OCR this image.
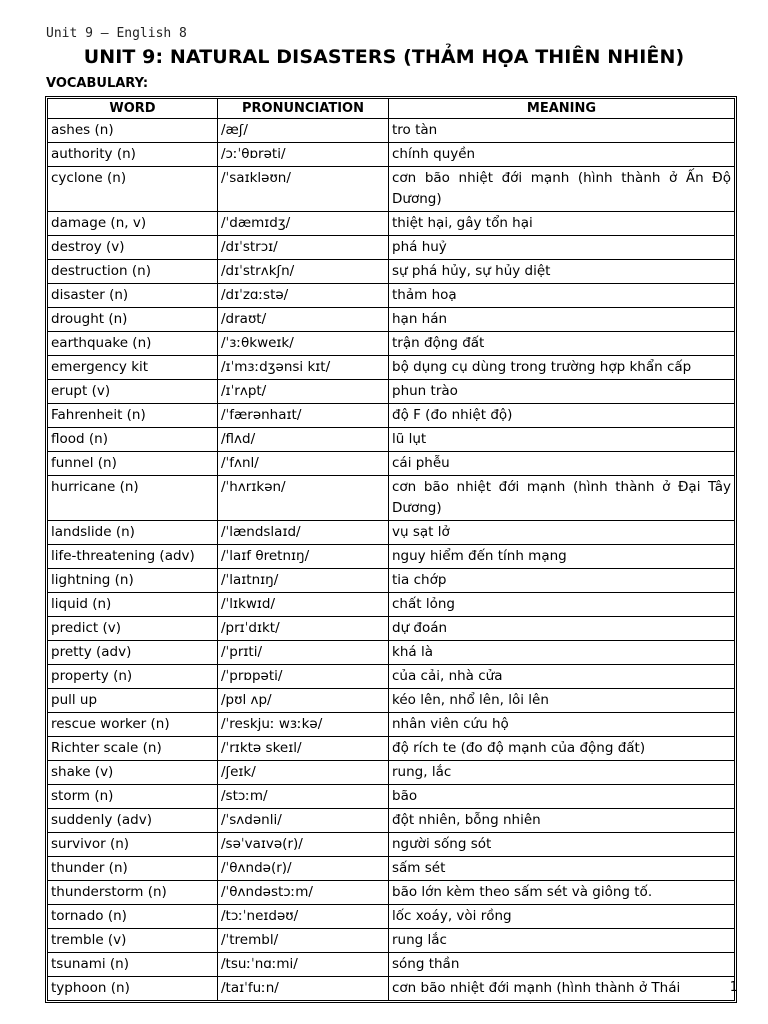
Unit 9 – English 8
UNIT 9: NATURAL DISASTERS (THẢM HỌA THIÊN NHIÊN)
VOCABULARY:
WORD	PRONUNCIATION	MEANING
ashes (n)	/æʃ/	tro tàn
authority (n)	/ɔːˈθɒrəti/	chính quyền
cyclone (n)	/ˈsaɪkləʊn/	cơn bão nhiệt đới mạnh (hình thành ở Ấn Độ Dương)
damage (n, v)	/ˈdæmɪdʒ/	thiệt hại, gây tổn hại
destroy (v)	/dɪˈstrɔɪ/	phá huỷ
destruction (n)	/dɪˈstrʌkʃn/	sự phá hủy, sự hủy diệt
disaster (n)	/dɪˈzɑːstə/	thảm hoạ
drought (n)	/draʊt/	hạn hán
earthquake (n)	/ˈɜːθkweɪk/	trận động đất
emergency kit	/ɪˈmɜːdʒənsi kɪt/	bộ dụng cụ dùng trong trường hợp khẩn cấp
erupt (v)	/ɪˈrʌpt/	phun trào
Fahrenheit (n)	/ˈfærənhaɪt/	độ F (đo nhiệt độ)
flood (n)	/flʌd/	lũ lụt
funnel (n)	/ˈfʌnl/	cái phễu
hurricane (n)	/ˈhʌrɪkən/	cơn bão nhiệt đới mạnh (hình thành ở Đại Tây Dương)
landslide (n)	/ˈlændslaɪd/	vụ sạt lở
life-threatening (adv)	/ˈlaɪf θretnɪŋ/	nguy hiểm đến tính mạng
lightning (n)	/ˈlaɪtnɪŋ/	tia chớp
liquid (n)	/ˈlɪkwɪd/	chất lỏng
predict (v)	/prɪˈdɪkt/	dự đoán
pretty (adv)	/ˈprɪti/	khá là
property (n)	/ˈprɒpəti/	của cải, nhà cửa
pull up	/pʊl ʌp/	kéo lên, nhổ lên, lôi lên
rescue worker (n)	/ˈreskjuː wɜːkə/	nhân viên cứu hộ
Richter scale (n)	/ˈrɪktə skeɪl/	độ rích te (đo độ mạnh của động đất)
shake (v)	/ʃeɪk/	rung, lắc
storm (n)	/stɔːm/	bão
suddenly (adv)	/ˈsʌdənli/	đột nhiên, bỗng nhiên
survivor (n)	/səˈvaɪvə(r)/	người sống sót
thunder (n)	/ˈθʌndə(r)/	sấm sét
thunderstorm (n)	/ˈθʌndəstɔːm/	bão lớn kèm theo sấm sét và giông tố.
tornado (n)	/tɔːˈneɪdəʊ/	lốc xoáy, vòi rồng
tremble (v)	/ˈtrembl/	rung lắc
tsunami (n)	/tsuːˈnɑːmi/	sóng thần
typhoon (n)	/taɪˈfuːn/	cơn bão nhiệt đới mạnh (hình thành ở Thái	1
